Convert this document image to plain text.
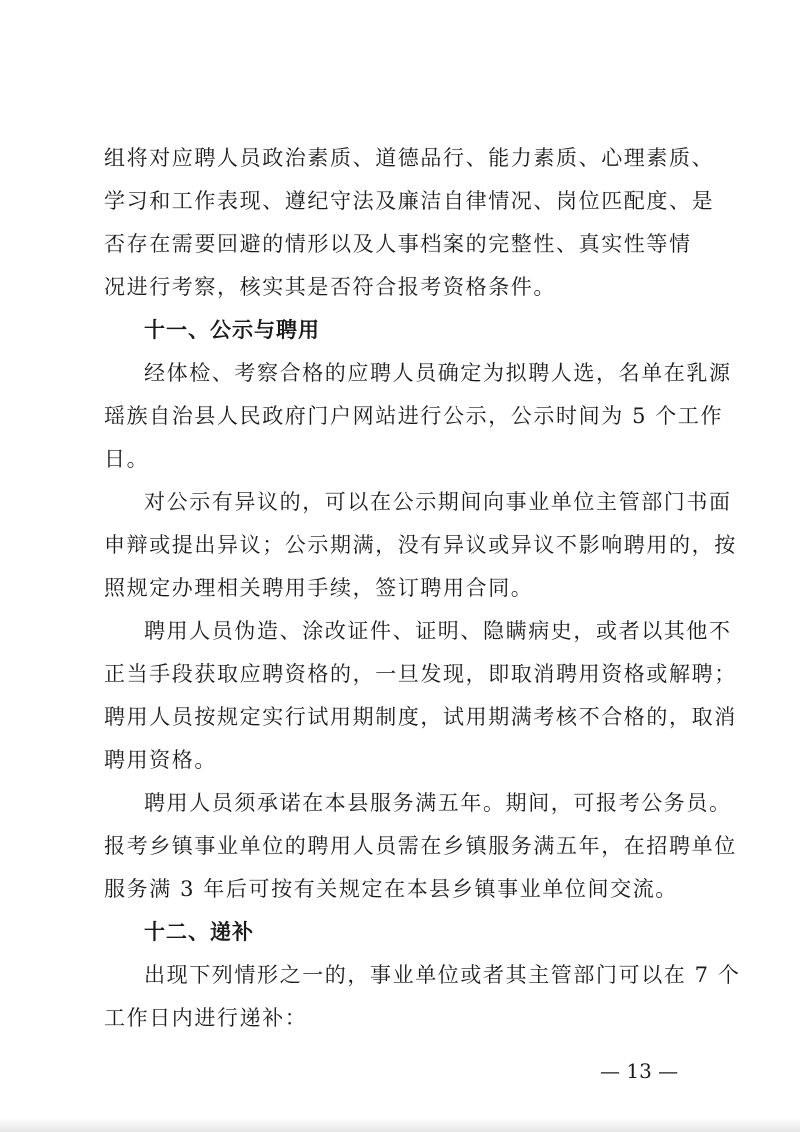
组将对应聘人员政治素质、道德品行、能力素质、心理素质、
学习和工作表现、遵纪守法及廉洁自律情况、岗位匹配度、是
否存在需要回避的情形以及人事档案的完整性、真实性等情
况进行考察，核实其是否符合报考资格条件。
十一、公示与聘用
经体检、考察合格的应聘人员确定为拟聘人选，名单在乳源
瑶族自治县人民政府门户网站进行公示，公示时间为 5 个工作
日。
对公示有异议的，可以在公示期间向事业单位主管部门书面
申辩或提出异议；公示期满，没有异议或异议不影响聘用的，按
照规定办理相关聘用手续，签订聘用合同。
聘用人员伪造、涂改证件、证明、隐瞒病史，或者以其他不
正当手段获取应聘资格的，一旦发现，即取消聘用资格或解聘；
聘用人员按规定实行试用期制度，试用期满考核不合格的，取消
聘用资格。
聘用人员须承诺在本县服务满五年。期间，可报考公务员。
报考乡镇事业单位的聘用人员需在乡镇服务满五年，在招聘单位
服务满 3 年后可按有关规定在本县乡镇事业单位间交流。
十二、递补
出现下列情形之一的，事业单位或者其主管部门可以在 7 个
工作日内进行递补：
— 13 —
